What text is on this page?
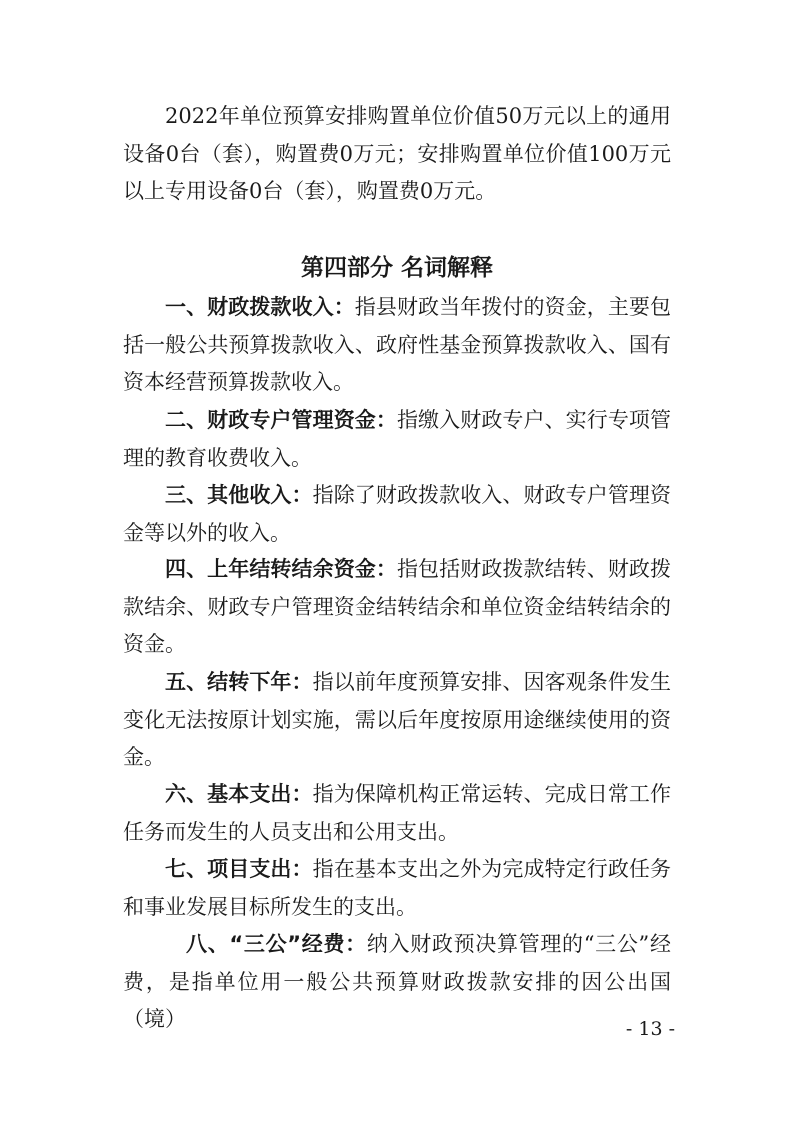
2022年单位预算安排购置单位价值50万元以上的通用设备0台（套），购置费0万元；安排购置单位价值100万元以上专用设备0台（套），购置费0万元。

第四部分 名词解释

一、财政拨款收入：指县财政当年拨付的资金，主要包括一般公共预算拨款收入、政府性基金预算拨款收入、国有资本经营预算拨款收入。

二、财政专户管理资金：指缴入财政专户、实行专项管理的教育收费收入。

三、其他收入：指除了财政拨款收入、财政专户管理资金等以外的收入。

四、上年结转结余资金：指包括财政拨款结转、财政拨款结余、财政专户管理资金结转结余和单位资金结转结余的资金。

五、结转下年：指以前年度预算安排、因客观条件发生变化无法按原计划实施，需以后年度按原用途继续使用的资金。

六、基本支出：指为保障机构正常运转、完成日常工作任务而发生的人员支出和公用支出。

七、项目支出：指在基本支出之外为完成特定行政任务和事业发展目标所发生的支出。

八、“三公”经费：纳入财政预决算管理的“三公”经费，是指单位用一般公共预算财政拨款安排的因公出国（境）	- 13 -
